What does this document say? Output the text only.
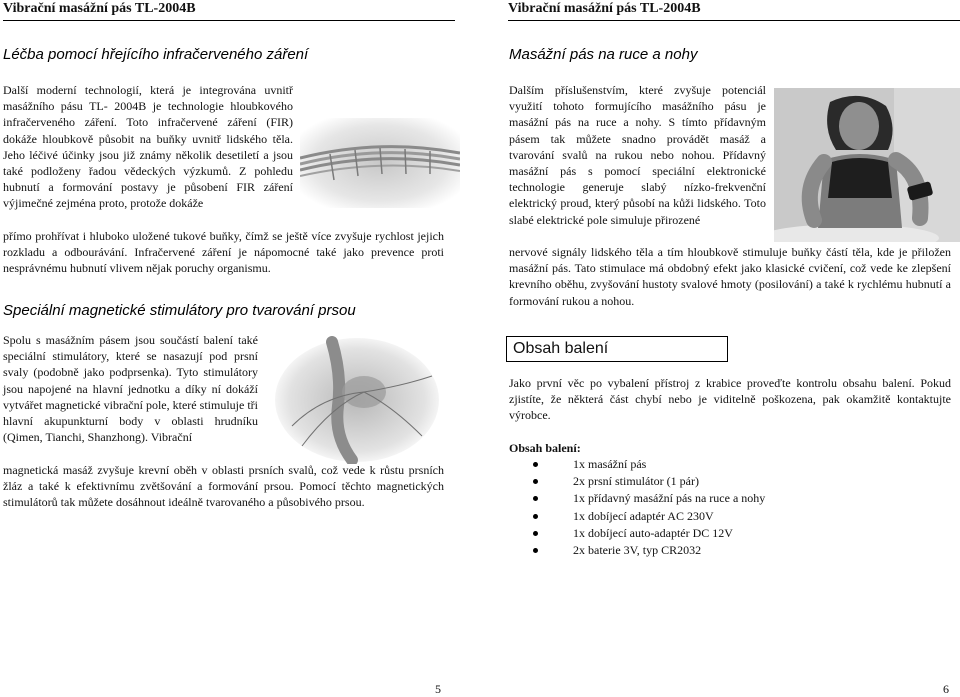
Vibrační masážní pás TL-2004B
Léčba pomocí hřejícího infračerveného záření

Další moderní technologií, která je integrována uvnitř masážního pásu TL- 2004B je technologie hloubkového infračerveného záření. Toto infračervené záření (FIR) dokáže hloubkově působit na buňky uvnitř lidského těla. Jeho léčivé účinky jsou již známy několik desetiletí a jsou také podloženy řadou vědeckých výzkumů. Z pohledu hubnutí a formování postavy je působení FIR záření výjimečné zejména proto, protože dokáže

přímo prohřívat i hluboko uložené tukové buňky, čímž se ještě více zvyšuje rychlost jejich rozkladu a odbourávání. Infračervené záření je nápomocné také jako prevence proti nesprávnému hubnutí vlivem nějak poruchy organismu.

Speciální magnetické stimulátory pro tvarování prsou

Spolu s masážním pásem jsou součástí balení také speciální stimulátory, které se nasazují pod prsní svaly (podobně jako podprsenka). Tyto stimulátory jsou napojené na hlavní jednotku a díky ní dokáží vytvářet magnetické vibrační pole, které stimuluje tři hlavní akupunkturní body v oblasti hrudníku (Qimen, Tianchi, Shanzhong). Vibrační

magnetická masáž zvyšuje krevní oběh v oblasti prsních svalů, což vede k růstu prsních žláz a také k efektivnímu zvětšování a formování prsou. Pomocí těchto magnetických stimulátorů tak můžete dosáhnout ideálně tvarovaného a působivého prsou.

5
Vibrační masážní pás TL-2004B
Masážní pás na ruce a nohy

Dalším příslušenstvím, které zvyšuje potenciál využití tohoto formujícího masážního pásu je masážní pás na ruce a nohy. S tímto přídavným pásem tak můžete snadno provádět masáž a tvarování svalů na rukou nebo nohou. Přídavný masážní pás s pomocí speciální elektronické technologie generuje slabý nízko-frekvenční elektrický proud, který působí na kůži lidského. Toto slabé elektrické pole simuluje přirozené

nervové signály lidského těla a tím hloubkově stimuluje buňky částí těla, kde je přiložen masážní pás. Tato stimulace má obdobný efekt jako klasické cvičení, což vede ke zlepšení krevního oběhu, zvyšování hustoty svalové hmoty (posilování) a také k rychlému hubnutí a formování rukou a nohou.

Obsah balení

Jako první věc po vybalení přístroj z krabice proveďte kontrolu obsahu balení. Pokud zjistíte, že některá část chybí nebo je viditelně poškozena, pak okamžitě kontaktujte výrobce.

Obsah balení:
1x masážní pás
2x prsní stimulátor (1 pár)
1x přídavný masážní pás na ruce a nohy
1x dobíjecí adaptér AC 230V
1x dobíjecí auto-adaptér DC 12V
2x baterie 3V, typ CR2032
6
